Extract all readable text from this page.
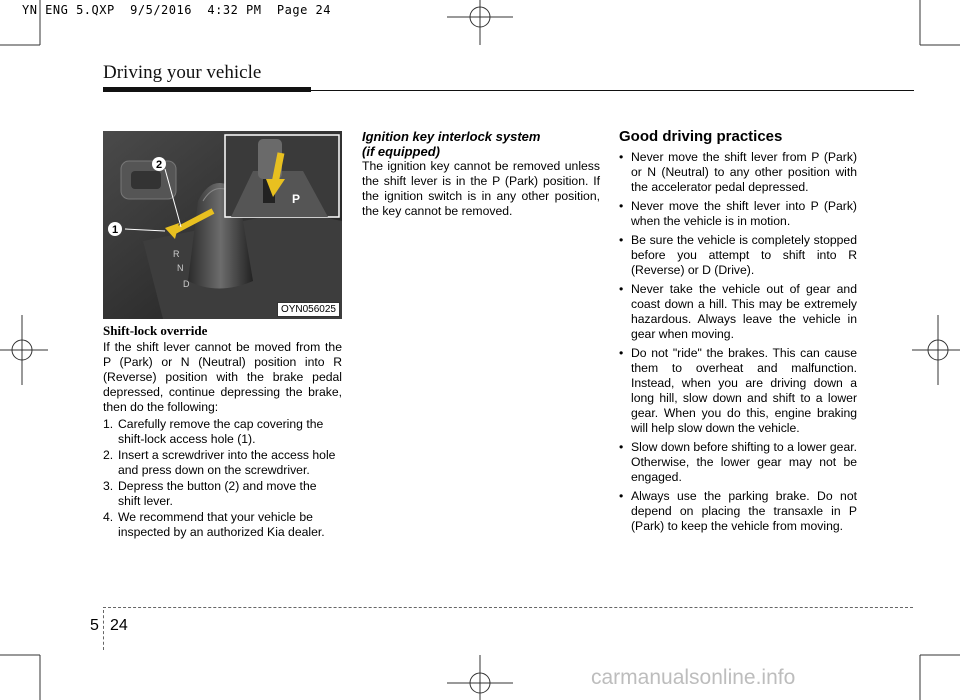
YN ENG 5.QXP  9/5/2016  4:32 PM  Page 24
Driving your vehicle
R
N
D
1
2
P
OYN056025
Shift-lock override

If the shift lever cannot be moved from the P (Park) or N (Neutral) position into R (Reverse) position with the brake pedal depressed, continue depressing the brake, then do the following:

1. Carefully remove the cap covering the shift-lock access hole (1).
2. Insert a screwdriver into the access hole and press down on the screwdriver.
3. Depress the button (2) and move the shift lever.
4. We recommend that your vehicle be inspected by an authorized Kia dealer.
Ignition key interlock system
(if equipped)

The ignition key cannot be removed unless the shift lever is in the P (Park) position. If the ignition switch is in any other position, the key cannot be removed.

Good driving practices
• Never move the shift lever from P (Park) or N (Neutral) to any other position with the accelerator pedal depressed.
• Never move the shift lever into P (Park) when the vehicle is in motion.
• Be sure the vehicle is completely stopped before you attempt to shift into R (Reverse) or D (Drive).
• Never take the vehicle out of gear and coast down a hill. This may be extremely hazardous. Always leave the vehicle in gear when moving.
• Do not "ride" the brakes. This can cause them to overheat and malfunction. Instead, when you are driving down a long hill, slow down and shift to a lower gear. When you do this, engine braking will help slow down the vehicle.
• Slow down before shifting to a lower gear. Otherwise, the lower gear may not be engaged.
• Always use the parking brake. Do not depend on placing the transaxle in P (Park) to keep the vehicle from moving.
5 24
carmanualsonline.info
